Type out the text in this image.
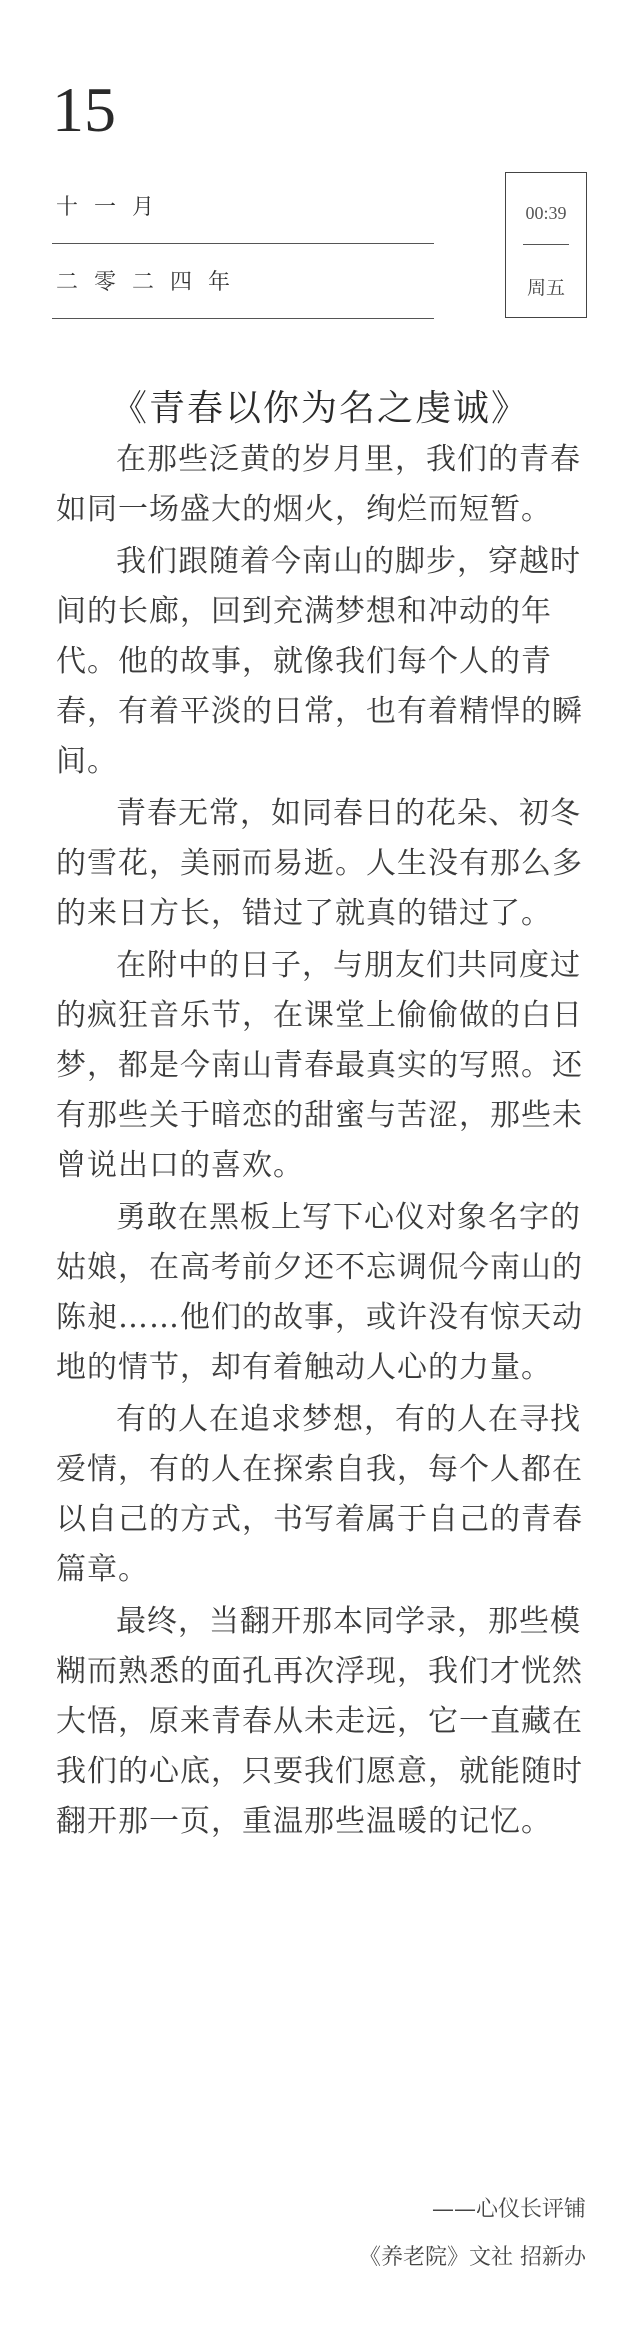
15
十一月
二零二四年
00:39
周五
《青春以你为名之虔诚》

在那些泛黄的岁月里，我们的青春如同一场盛大的烟火，绚烂而短暂。

我们跟随着今南山的脚步，穿越时间的长廊，回到充满梦想和冲动的年代。他的故事，就像我们每个人的青春，有着平淡的日常，也有着精悍的瞬间。

青春无常，如同春日的花朵、初冬的雪花，美丽而易逝。人生没有那么多的来日方长，错过了就真的错过了。

在附中的日子，与朋友们共同度过的疯狂音乐节，在课堂上偷偷做的白日梦，都是今南山青春最真实的写照。还有那些关于暗恋的甜蜜与苦涩，那些未曾说出口的喜欢。

勇敢在黑板上写下心仪对象名字的姑娘，在高考前夕还不忘调侃今南山的陈昶……他们的故事，或许没有惊天动地的情节，却有着触动人心的力量。

有的人在追求梦想，有的人在寻找爱情，有的人在探索自我，每个人都在以自己的方式，书写着属于自己的青春篇章。

最终，当翻开那本同学录，那些模糊而熟悉的面孔再次浮现，我们才恍然大悟，原来青春从未走远，它一直藏在我们的心底，只要我们愿意，就能随时翻开那一页，重温那些温暖的记忆。

——心仪长评铺
《养老院》文社 招新办
